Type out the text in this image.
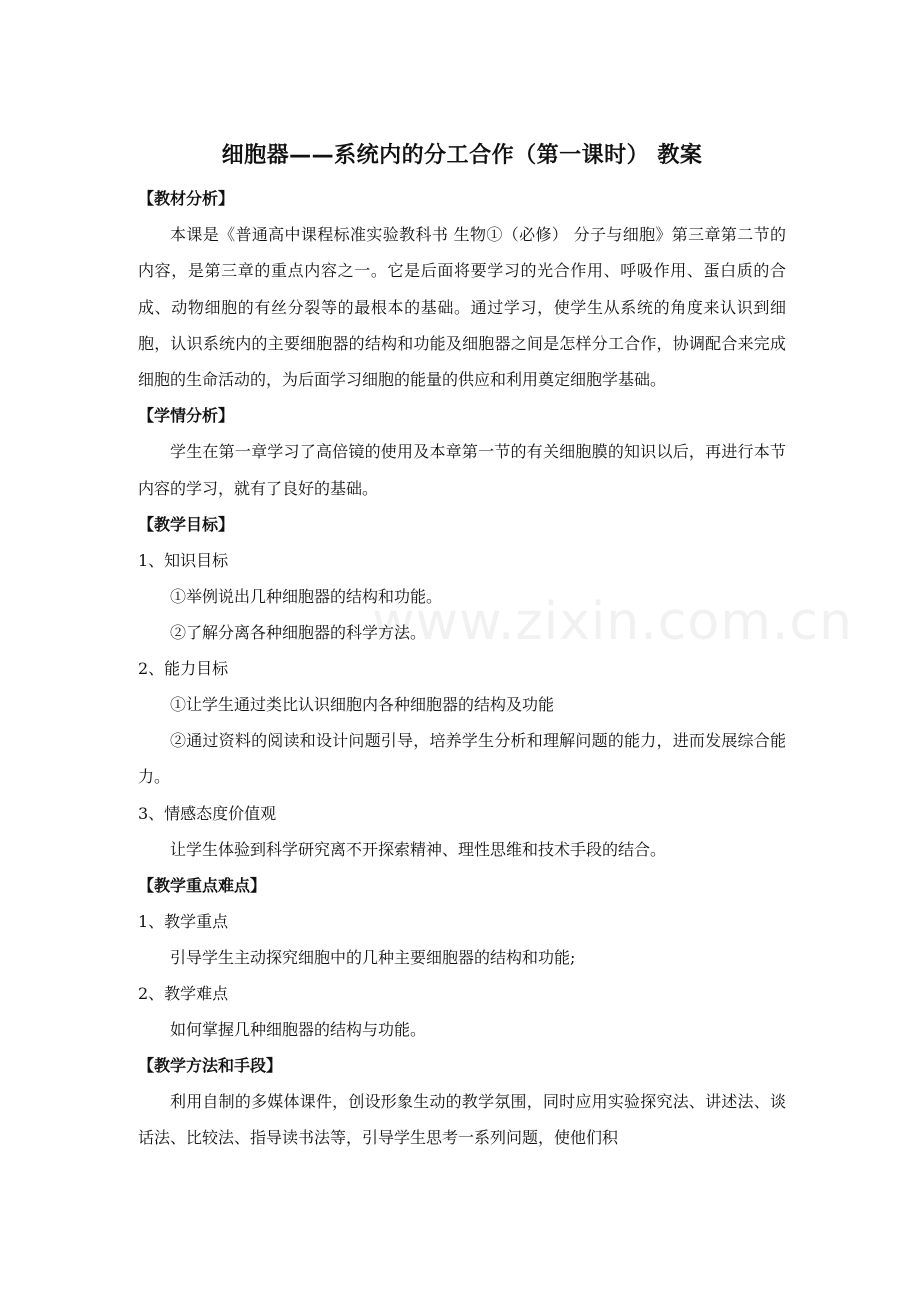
www.zixin.com.cn
细胞器——系统内的分工合作（第一课时） 教案
【教材分析】

本课是《普通高中课程标准实验教科书 生物①（必修） 分子与细胞》第三章第二节的内容，是第三章的重点内容之一。它是后面将要学习的光合作用、呼吸作用、蛋白质的合成、动物细胞的有丝分裂等的最根本的基础。通过学习，使学生从系统的角度来认识到细胞，认识系统内的主要细胞器的结构和功能及细胞器之间是怎样分工合作，协调配合来完成细胞的生命活动的，为后面学习细胞的能量的供应和利用奠定细胞学基础。

【学情分析】

学生在第一章学习了高倍镜的使用及本章第一节的有关细胞膜的知识以后，再进行本节内容的学习，就有了良好的基础。

【教学目标】

1、知识目标

①举例说出几种细胞器的结构和功能。

②了解分离各种细胞器的科学方法。

2、能力目标

①让学生通过类比认识细胞内各种细胞器的结构及功能

②通过资料的阅读和设计问题引导，培养学生分析和理解问题的能力，进而发展综合能力。

3、情感态度价值观

让学生体验到科学研究离不开探索精神、理性思维和技术手段的结合。

【教学重点难点】

1、教学重点

引导学生主动探究细胞中的几种主要细胞器的结构和功能;

2、教学难点

如何掌握几种细胞器的结构与功能。

【教学方法和手段】

利用自制的多媒体课件，创设形象生动的教学氛围，同时应用实验探究法、讲述法、谈话法、比较法、指导读书法等，引导学生思考一系列问题，使他们积
